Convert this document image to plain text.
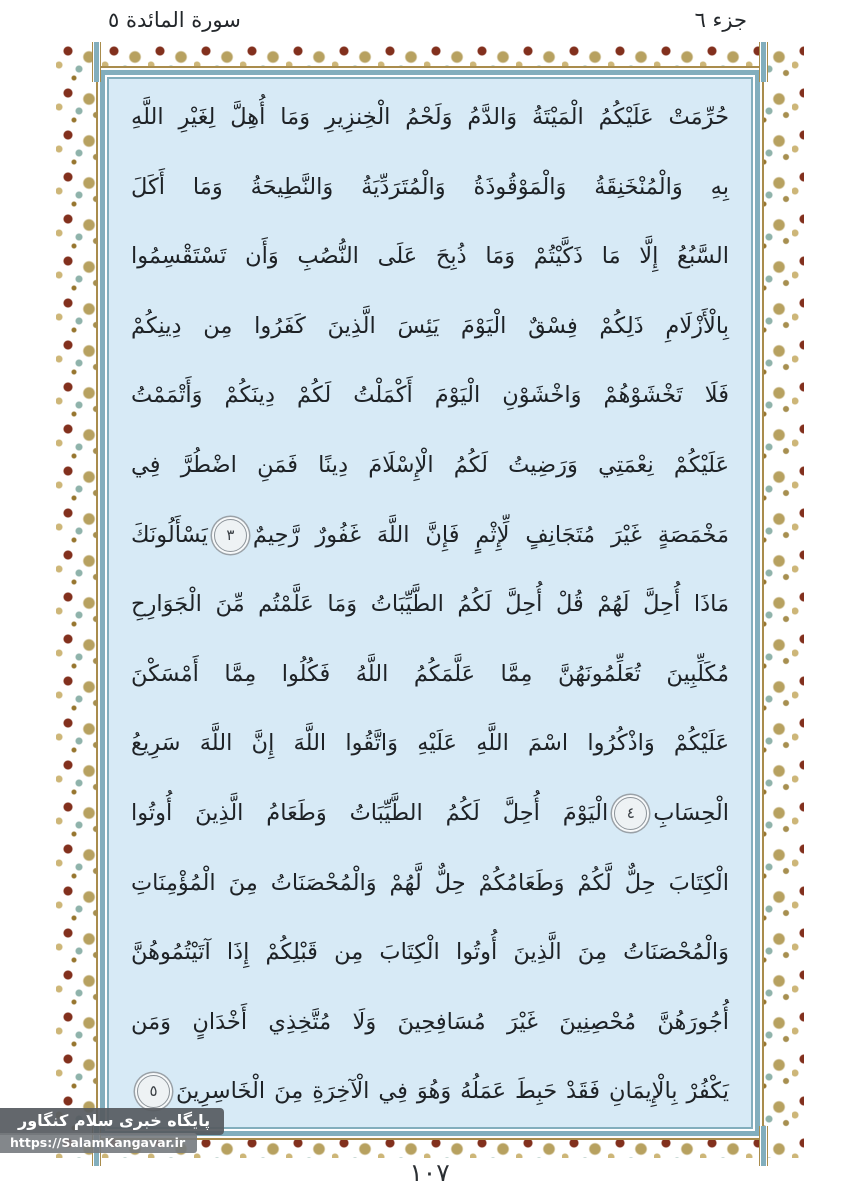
سورة المائدة ٥	جزء ٦
حُرِّمَتْ عَلَيْكُمُ الْمَيْتَةُ وَالدَّمُ وَلَحْمُ الْخِنزِيرِ وَمَا أُهِلَّ لِغَيْرِ اللَّهِ
بِهِ وَالْمُنْخَنِقَةُ وَالْمَوْقُوذَةُ وَالْمُتَرَدِّيَةُ وَالنَّطِيحَةُ وَمَا أَكَلَ
السَّبُعُ إِلَّا مَا ذَكَّيْتُمْ وَمَا ذُبِحَ عَلَى النُّصُبِ وَأَن تَسْتَقْسِمُوا
بِالْأَزْلَامِ ذَلِكُمْ فِسْقٌ الْيَوْمَ يَئِسَ الَّذِينَ كَفَرُوا مِن دِينِكُمْ
فَلَا تَخْشَوْهُمْ وَاخْشَوْنِ الْيَوْمَ أَكْمَلْتُ لَكُمْ دِينَكُمْ وَأَتْمَمْتُ
عَلَيْكُمْ نِعْمَتِي وَرَضِيتُ لَكُمُ الْإِسْلَامَ دِينًا فَمَنِ اضْطُرَّ فِي
مَخْمَصَةٍ غَيْرَ مُتَجَانِفٍ لِّإِثْمٍ فَإِنَّ اللَّهَ غَفُورٌ رَّحِيمٌ٣يَسْأَلُونَكَ
مَاذَا أُحِلَّ لَهُمْ قُلْ أُحِلَّ لَكُمُ الطَّيِّبَاتُ وَمَا عَلَّمْتُم مِّنَ الْجَوَارِحِ
مُكَلِّبِينَ تُعَلِّمُونَهُنَّ مِمَّا عَلَّمَكُمُ اللَّهُ فَكُلُوا مِمَّا أَمْسَكْنَ
عَلَيْكُمْ وَاذْكُرُوا اسْمَ اللَّهِ عَلَيْهِ وَاتَّقُوا اللَّهَ إِنَّ اللَّهَ سَرِيعُ
الْحِسَابِ٤الْيَوْمَ أُحِلَّ لَكُمُ الطَّيِّبَاتُ وَطَعَامُ الَّذِينَ أُوتُوا
الْكِتَابَ حِلٌّ لَّكُمْ وَطَعَامُكُمْ حِلٌّ لَّهُمْ وَالْمُحْصَنَاتُ مِنَ الْمُؤْمِنَاتِ
وَالْمُحْصَنَاتُ مِنَ الَّذِينَ أُوتُوا الْكِتَابَ مِن قَبْلِكُمْ إِذَا آتَيْتُمُوهُنَّ
أُجُورَهُنَّ مُحْصِنِينَ غَيْرَ مُسَافِحِينَ وَلَا مُتَّخِذِي أَخْدَانٍ وَمَن
يَكْفُرْ بِالْإِيمَانِ فَقَدْ حَبِطَ عَمَلُهُ وَهُوَ فِي الْآخِرَةِ مِنَ الْخَاسِرِينَ٥
١٠٧
پایگاه خبری سلام کنگاور
https://SalamKangavar.ir
